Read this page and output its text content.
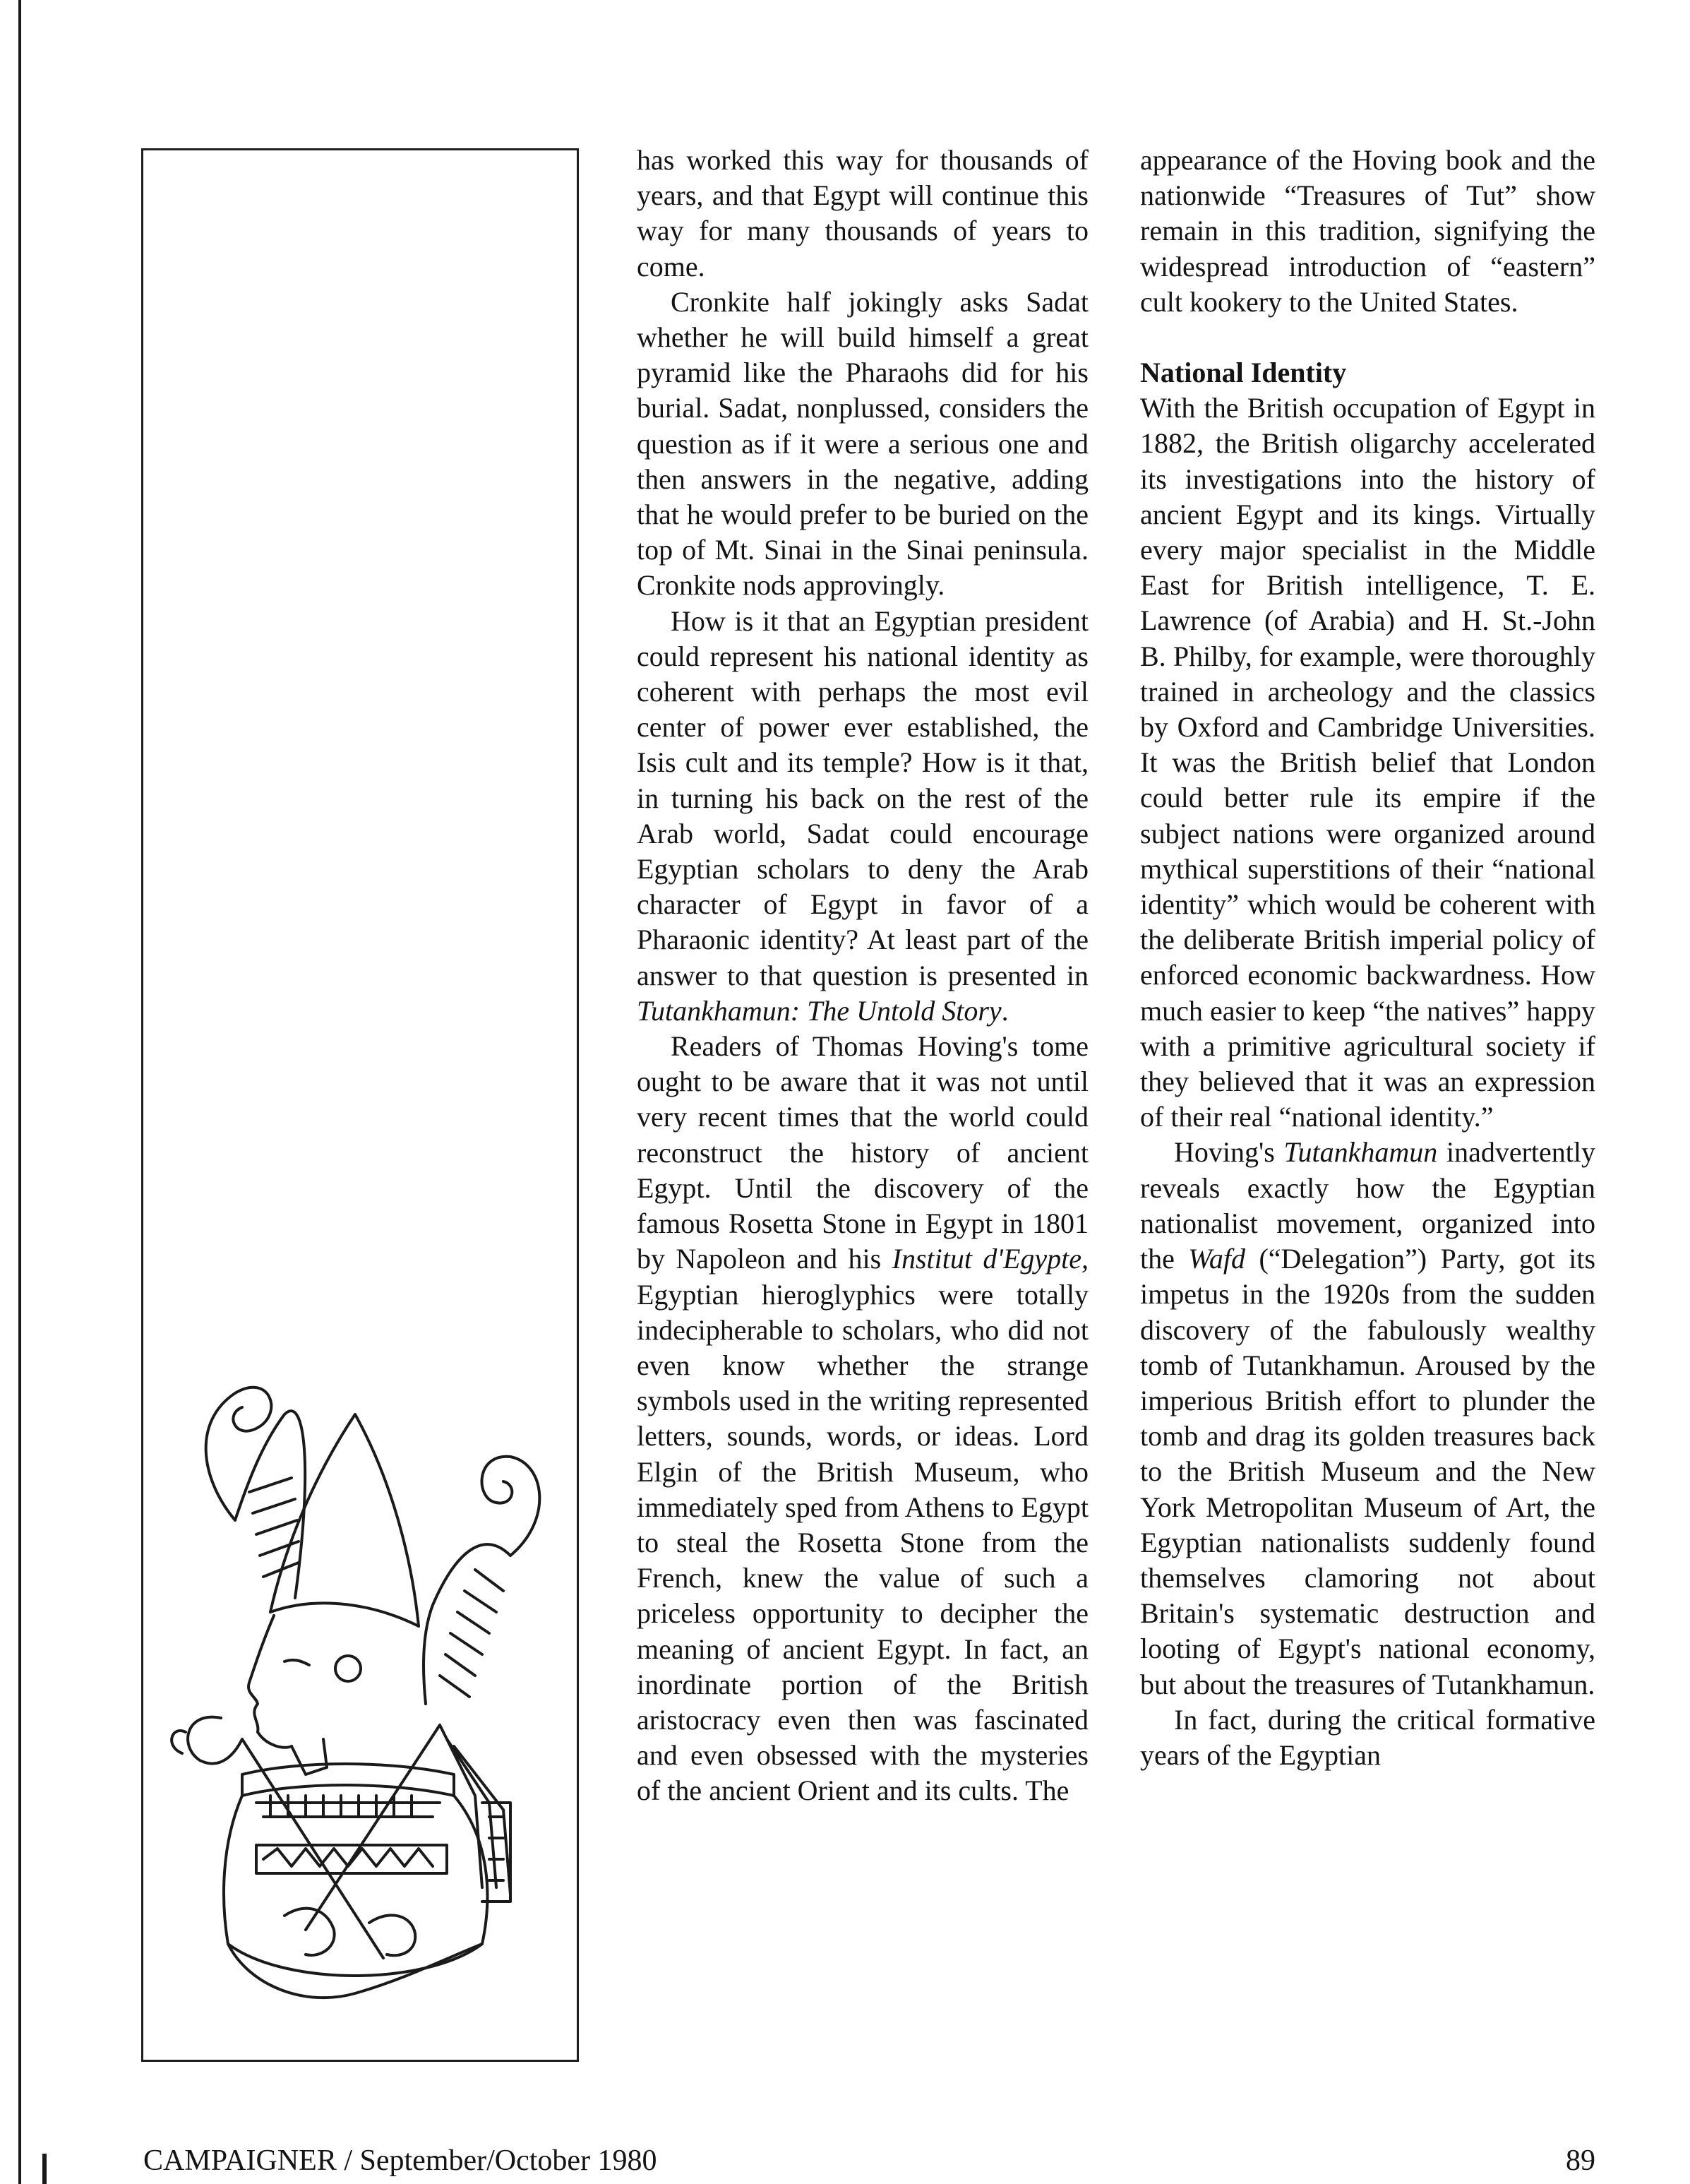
has worked this way for thousands of years, and that Egypt will continue this way for many thousands of years to come.

Cronkite half jokingly asks Sadat whether he will build himself a great pyramid like the Pharaohs did for his burial. Sadat, nonplussed, considers the question as if it were a serious one and then answers in the negative, adding that he would prefer to be buried on the top of Mt. Sinai in the Sinai peninsula. Cronkite nods approvingly.

How is it that an Egyptian president could represent his national identity as coherent with perhaps the most evil center of power ever established, the Isis cult and its temple? How is it that, in turning his back on the rest of the Arab world, Sadat could encourage Egyptian scholars to deny the Arab character of Egypt in favor of a Pharaonic identity? At least part of the answer to that question is presented in Tutankhamun: The Untold Story.

Readers of Thomas Hoving's tome ought to be aware that it was not until very recent times that the world could reconstruct the history of ancient Egypt. Until the discovery of the famous Rosetta Stone in Egypt in 1801 by Napoleon and his Institut d'Egypte, Egyptian hieroglyphics were totally indecipherable to scholars, who did not even know whether the strange symbols used in the writing represented letters, sounds, words, or ideas. Lord Elgin of the British Museum, who immediately sped from Athens to Egypt to steal the Rosetta Stone from the French, knew the value of such a priceless opportunity to decipher the meaning of ancient Egypt. In fact, an inordinate portion of the British aristocracy even then was fascinated and even obsessed with the mysteries of the ancient Orient and its cults. The

appearance of the Hoving book and the nationwide “Treasures of Tut” show remain in this tradition, signifying the widespread introduction of “eastern” cult kookery to the United States.

National Identity

With the British occupation of Egypt in 1882, the British oligarchy accelerated its investigations into the history of ancient Egypt and its kings. Virtually every major specialist in the Middle East for British intelligence, T. E. Lawrence (of Arabia) and H. St.-John B. Philby, for example, were thoroughly trained in archeology and the classics by Oxford and Cambridge Universities. It was the British belief that London could better rule its empire if the subject nations were organized around mythical superstitions of their “national identity” which would be coherent with the deliberate British imperial policy of enforced economic backwardness. How much easier to keep “the natives” happy with a primitive agricultural society if they believed that it was an expression of their real “national identity.”

Hoving's Tutankhamun inadvertently reveals exactly how the Egyptian nationalist movement, organized into the Wafd (“Delegation”) Party, got its impetus in the 1920s from the sudden discovery of the fabulously wealthy tomb of Tutankhamun. Aroused by the imperious British effort to plunder the tomb and drag its golden treasures back to the British Museum and the New York Metropolitan Museum of Art, the Egyptian nationalists suddenly found themselves clamoring not about Britain's systematic destruction and looting of Egypt's national economy, but about the treasures of Tutankhamun.

In fact, during the critical formative years of the Egyptian

CAMPAIGNER / September/October 1980	89
